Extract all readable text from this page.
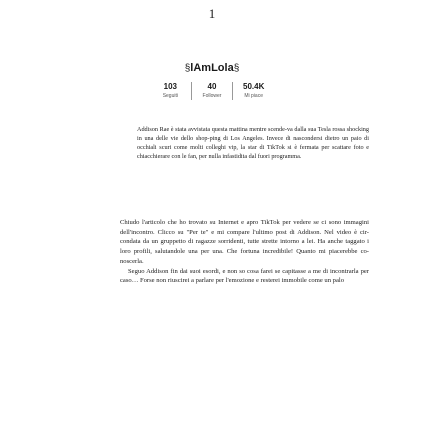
1
§lAmLola§
103
Seguiti
40
Follower
50.4K
Mi piace

Addison Rae è stata avvistata questa mattina mentre scende-va dalla sua Tesla rossa shocking in una delle vie dello shop-ping di Los Angeles. Invece di nascondersi dietro un paio di occhiali scuri come molti colleghi vip, la star di TikTok si è fermata per scattare foto e chiacchierare con le fan, per nulla infastidita dal fuori programma.

Chiudo l'articolo che ho trovato su Internet e apro TikTok per vedere se ci sono immagini dell'incontro. Clicco su "Per te" e mi compare l'ultimo post di Addison. Nel video è cir-condata da un gruppetto di ragazze sorridenti, tutte strette intorno a lei. Ha anche taggato i loro profili, salutandole una per una. Che fortuna incredibile! Quanto mi piacerebbe co-noscerla.

Seguo Addison fin dai suoi esordi, e non so cosa farei se capitasse a me di incontrarla per caso… Forse non riuscirei a parlare per l'emozione e resterei immobile come un palo
